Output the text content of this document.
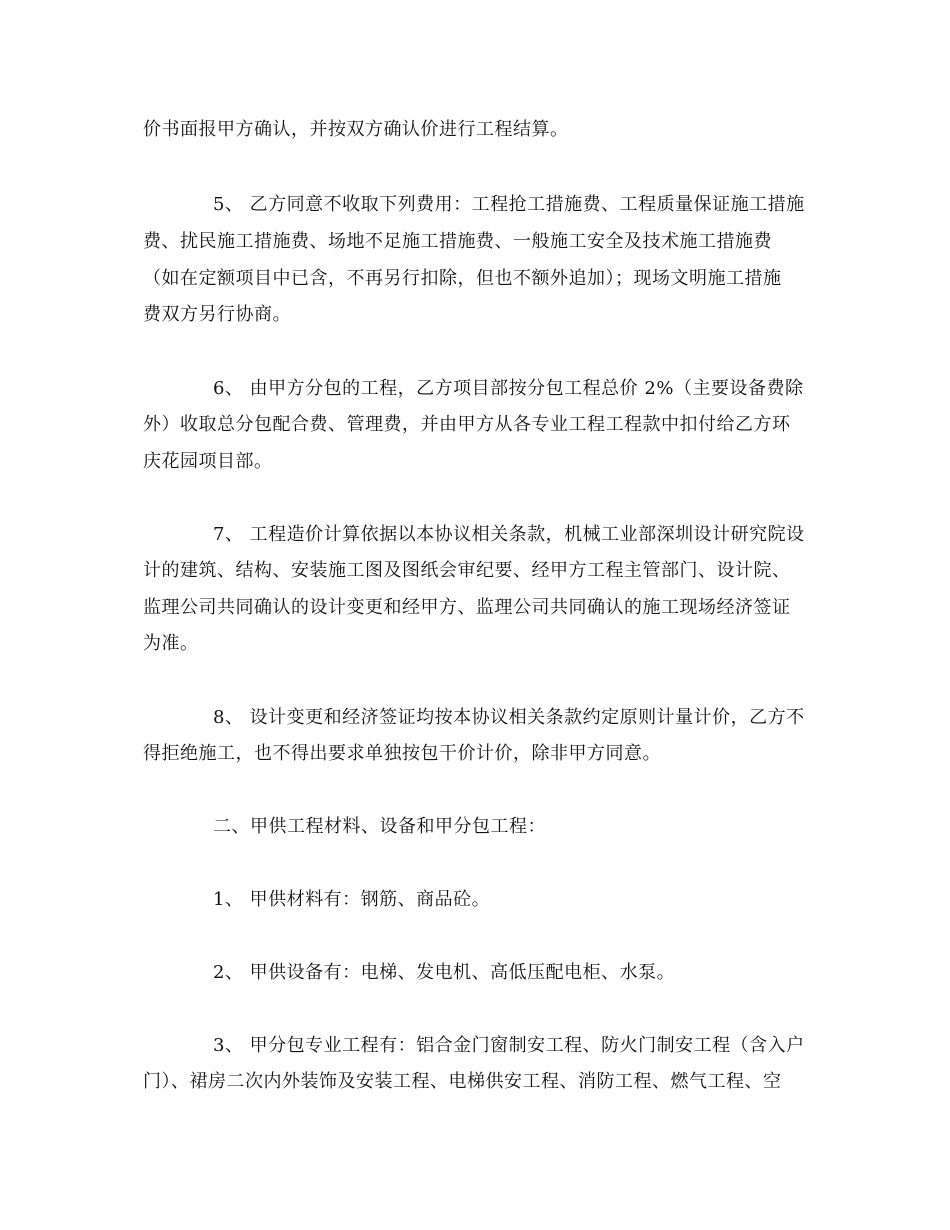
价书面报甲方确认，并按双方确认价进行工程结算。
5、 乙方同意不收取下列费用：工程抢工措施费、工程质量保证施工措施
费、扰民施工措施费、场地不足施工措施费、一般施工安全及技术施工措施费
（如在定额项目中已含，不再另行扣除，但也不额外追加）；现场文明施工措施
费双方另行协商。
6、 由甲方分包的工程，乙方项目部按分包工程总价 2%（主要设备费除
外）收取总分包配合费、管理费，并由甲方从各专业工程工程款中扣付给乙方环
庆花园项目部。
7、 工程造价计算依据以本协议相关条款，机械工业部深圳设计研究院设
计的建筑、结构、安装施工图及图纸会审纪要、经甲方工程主管部门、设计院、
监理公司共同确认的设计变更和经甲方、监理公司共同确认的施工现场经济签证
为准。
8、 设计变更和经济签证均按本协议相关条款约定原则计量计价，乙方不
得拒绝施工，也不得出要求单独按包干价计价，除非甲方同意。
二、甲供工程材料、设备和甲分包工程：
1、 甲供材料有：钢筋、商品砼。
2、 甲供设备有：电梯、发电机、高低压配电柜、水泵。
3、 甲分包专业工程有：铝合金门窗制安工程、防火门制安工程（含入户
门）、裙房二次内外装饰及安装工程、电梯供安工程、消防工程、燃气工程、空
